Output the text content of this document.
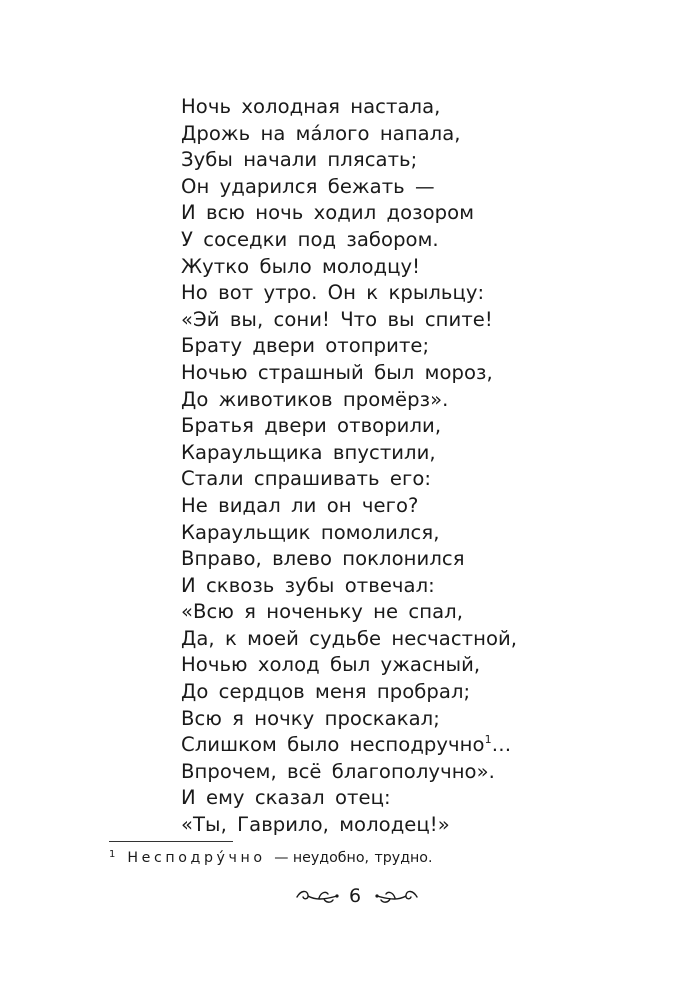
Ночь холодная настала,
Дрожь на ма́лого напала,
Зубы начали плясать;
Он ударился бежать —
И всю ночь ходил дозором
У соседки под забором.
Жутко было молодцу!
Но вот утро. Он к крыльцу:
«Эй вы, сони! Что вы спите!
Брату двери отоприте;
Ночью страшный был мороз,
До животиков промёрз».
Братья двери отворили,
Караульщика впустили,
Стали спрашивать его:
Не видал ли он чего?
Караульщик помолился,
Вправо, влево поклонился
И сквозь зубы отвечал:
«Всю я ноченьку не спал,
Да, к моей судьбе несчастной,
Ночью холод был ужасный,
До сердцов меня пробрал;
Всю я ночку проскакал;
Слишком было несподручно$^1$…
Впрочем, всё благополучно».
И ему сказал отец:
«Ты, Гаврило, молодец!»
$^1$ Несподру́чно — неудобно, трудно.
6
